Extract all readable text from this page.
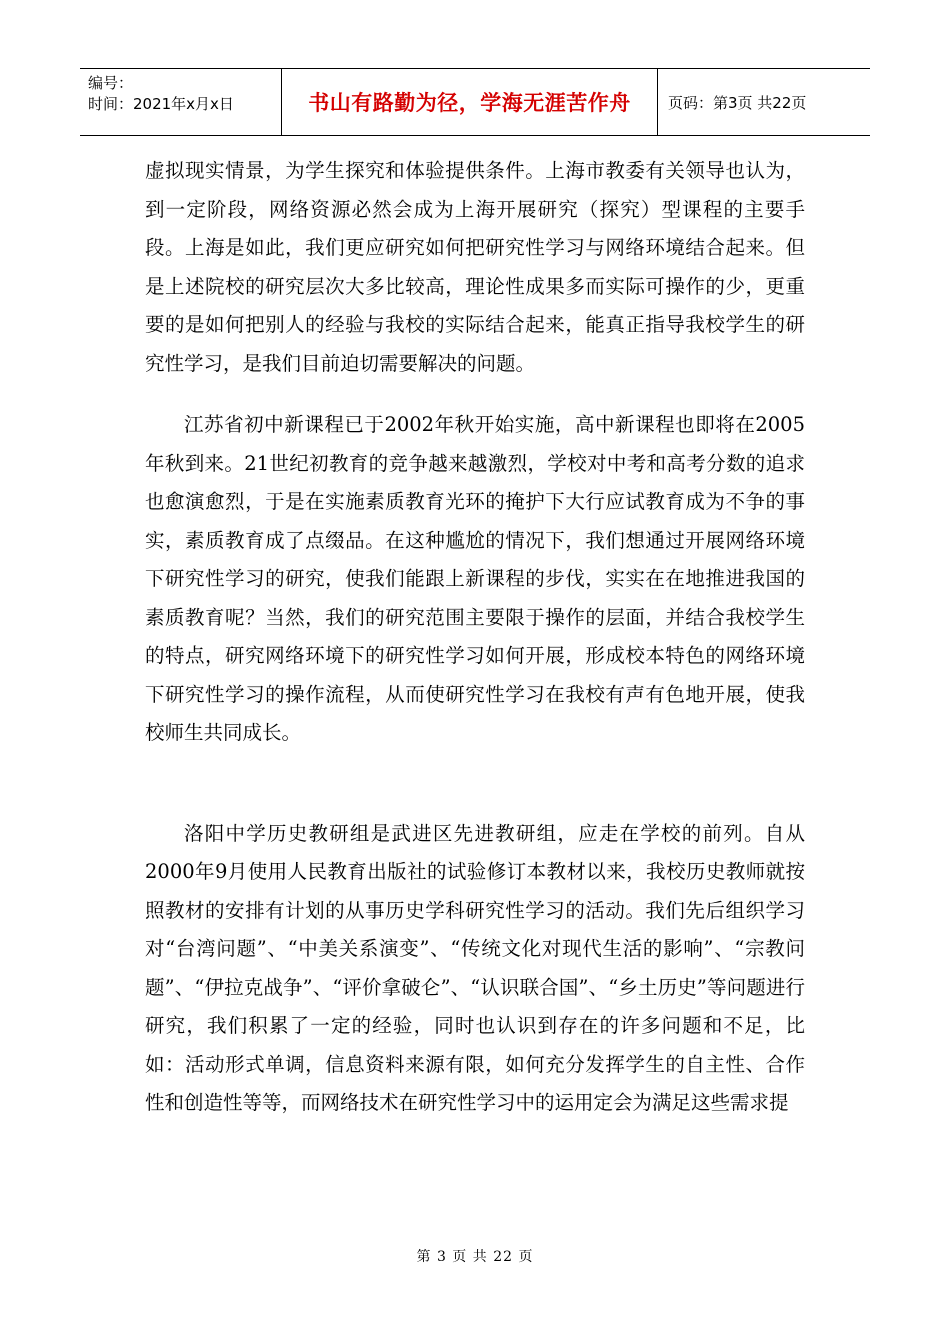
编号：
时间：2021年x月x日	书山有路勤为径，学海无涯苦作舟	页码：第3页 共22页

虚拟现实情景，为学生探究和体验提供条件。上海市教委有关领导也认为，到一定阶段，网络资源必然会成为上海开展研究（探究）型课程的主要手段。上海是如此，我们更应研究如何把研究性学习与网络环境结合起来。但是上述院校的研究层次大多比较高，理论性成果多而实际可操作的少，更重要的是如何把别人的经验与我校的实际结合起来，能真正指导我校学生的研究性学习，是我们目前迫切需要解决的问题。

江苏省初中新课程已于2002年秋开始实施，高中新课程也即将在2005年秋到来。21世纪初教育的竞争越来越激烈，学校对中考和高考分数的追求也愈演愈烈，于是在实施素质教育光环的掩护下大行应试教育成为不争的事实，素质教育成了点缀品。在这种尴尬的情况下，我们想通过开展网络环境下研究性学习的研究，使我们能跟上新课程的步伐，实实在在地推进我国的素质教育呢？当然，我们的研究范围主要限于操作的层面，并结合我校学生的特点，研究网络环境下的研究性学习如何开展，形成校本特色的网络环境下研究性学习的操作流程，从而使研究性学习在我校有声有色地开展，使我校师生共同成长。

洛阳中学历史教研组是武进区先进教研组，应走在学校的前列。自从2000年9月使用人民教育出版社的试验修订本教材以来，我校历史教师就按照教材的安排有计划的从事历史学科研究性学习的活动。我们先后组织学习对“台湾问题”、“中美关系演变”、“传统文化对现代生活的影响”、“宗教问题”、“伊拉克战争”、“评价拿破仑”、“认识联合国”、“乡土历史”等问题进行研究，我们积累了一定的经验，同时也认识到存在的许多问题和不足，比如：活动形式单调，信息资料来源有限，如何充分发挥学生的自主性、合作性和创造性等等，而网络技术在研究性学习中的运用定会为满足这些需求提

第 3 页 共 22 页
